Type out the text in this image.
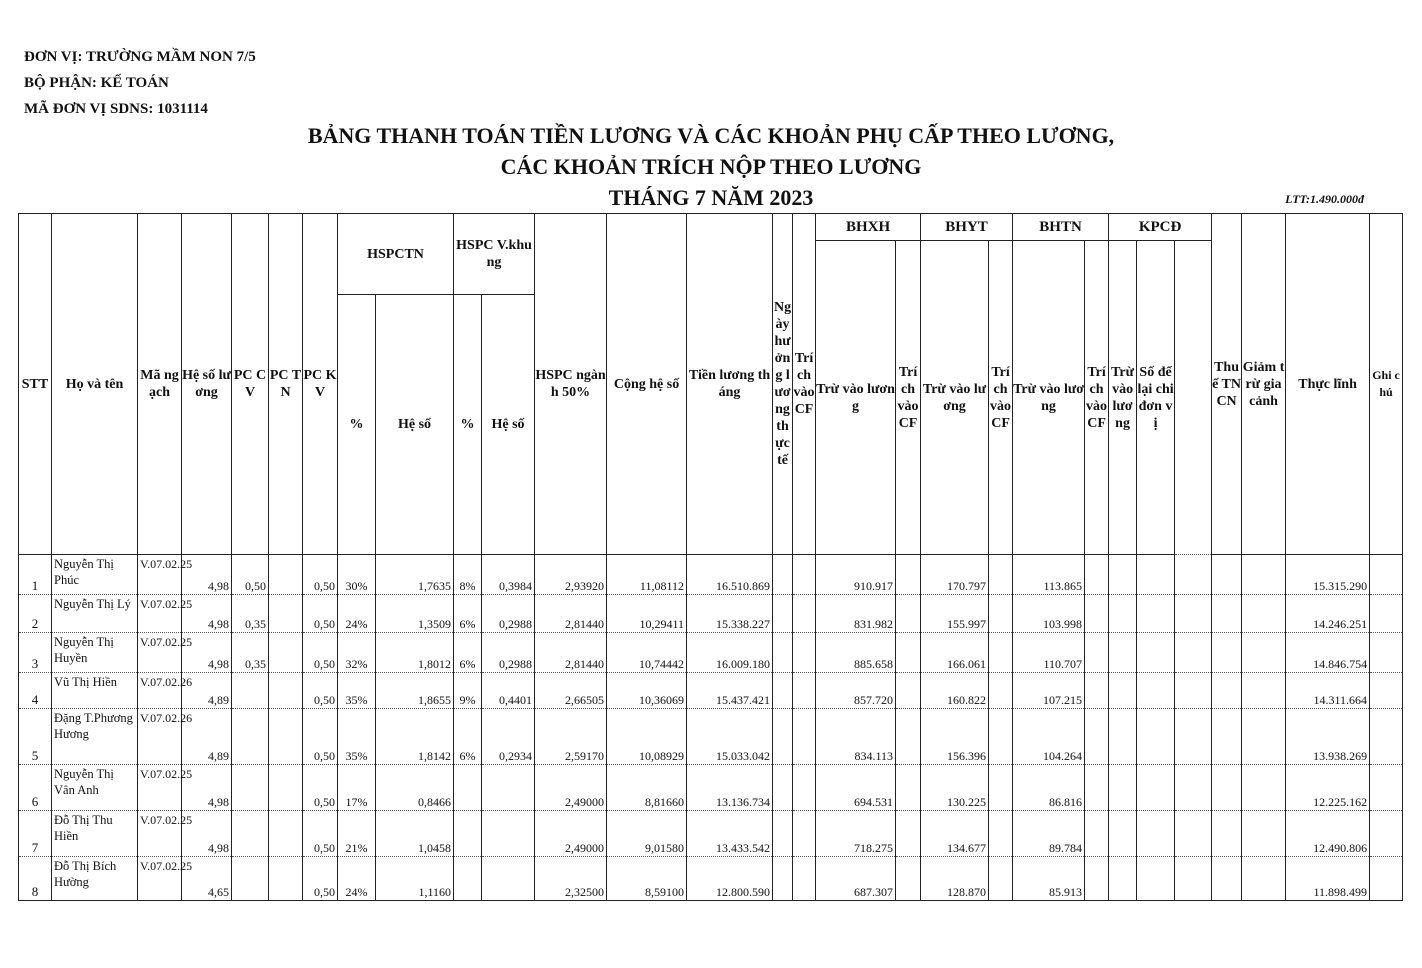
ĐƠN VỊ: TRƯỜNG MẦM NON 7/5
BỘ PHẬN: KẾ TOÁN
MÃ ĐƠN VỊ SDNS: 1031114
BẢNG THANH TOÁN TIỀN LƯƠNG VÀ CÁC KHOẢN PHỤ CẤP THEO LƯƠNG,
CÁC KHOẢN TRÍCH NỘP THEO LƯƠNG
THÁNG 7 NĂM 2023	LTT:1.490.000đ
STT	Họ và tên	Mã ngạch	Hệ số lương	PC CV	PC TN	PC KV	HSPCTN		HSPC V.khung		HSPC ngành 50%	Cộng hệ số	Tiền lương tháng	Ngày hưởng lương thực tế	Trích vào CF	BHXH		BHYT		BHTN		KPCĐ			Thuế TNCN	Giảm trừ gia cảnh	Thực lĩnh	Ghi chú
																Trừ vào lương	Trích vào CF	Trừ vào lương	Trích vào CF	Trừ vào lương	Trích vào CF	Trừ vào lương	Số để lại chi đơn vị					
							%	Hệ số	%	Hệ số																		
1	Nguyễn Thị Phúc	V.07.02.25	4,98	0,50		0,50	30%	1,7635	8%	0,3984	2,93920	11,08112	16.510.869			910.917		170.797		113.865							15.315.290	
2	Nguyễn Thị Lý	V.07.02.25	4,98	0,35		0,50	24%	1,3509	6%	0,2988	2,81440	10,29411	15.338.227			831.982		155.997		103.998							14.246.251	
3	Nguyễn Thị Huyền	V.07.02.25	4,98	0,35		0,50	32%	1,8012	6%	0,2988	2,81440	10,74442	16.009.180			885.658		166.061		110.707							14.846.754	
4	Vũ Thị Hiền	V.07.02.26	4,89			0,50	35%	1,8655	9%	0,4401	2,66505	10,36069	15.437.421			857.720		160.822		107.215							14.311.664	
5	Đặng T.Phương Hương	V.07.02.26	4,89			0,50	35%	1,8142	6%	0,2934	2,59170	10,08929	15.033.042			834.113		156.396		104.264							13.938.269	
6	Nguyễn Thị Vân Anh	V.07.02.25	4,98			0,50	17%	0,8466			2,49000	8,81660	13.136.734			694.531		130.225		86.816							12.225.162	
7	Đỗ Thị Thu Hiền	V.07.02.25	4,98			0,50	21%	1,0458			2,49000	9,01580	13.433.542			718.275		134.677		89.784							12.490.806	
8	Đỗ Thị Bích Hường	V.07.02.25	4,65			0,50	24%	1,1160			2,32500	8,59100	12.800.590			687.307		128.870		85.913							11.898.499	
